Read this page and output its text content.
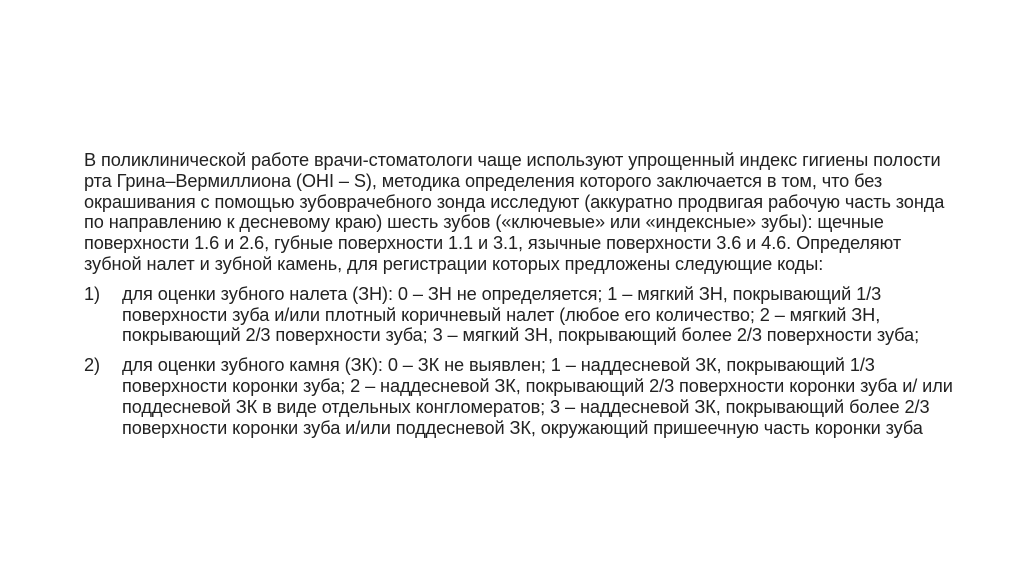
В поликлинической работе врачи-стоматологи чаще используют упрощенный индекс гигиены полости рта Грина–Вермиллиона (OHI – S), методика определения которого заключается в том, что без окрашивания с помощью зубоврачебного зонда исследуют (аккуратно продвигая рабочую часть зонда по направлению к десневому краю) шесть зубов («ключевые» или «индексные» зубы): щечные поверхности 1.6 и 2.6, губные поверхности 1.1 и 3.1, язычные поверхности 3.6 и 4.6. Определяют зубной налет и зубной камень, для регистрации которых предложены следующие коды:

1)	для оценки зубного налета (ЗН): 0 – ЗН не определяется; 1 – мягкий ЗН, покрывающий 1/3 поверхности зуба и/или плотный коричневый налет (любое его количество; 2 – мягкий ЗН, покрывающий 2/3 поверхности зуба; 3 – мягкий ЗН, покрывающий более 2/3 поверхности зуба;
2)	для оценки зубного камня (ЗК): 0 – ЗК не выявлен; 1 – наддесневой ЗК, покрывающий 1/3 поверхности коронки зуба; 2 – наддесневой ЗК, покрывающий 2/3 поверхности коронки зуба и/ или поддесневой ЗК в виде отдельных конгломератов; 3 – наддесневой ЗК, покрывающий более 2/3 поверхности коронки зуба и/или поддесневой ЗК, окружающий пришеечную часть коронки зуба
